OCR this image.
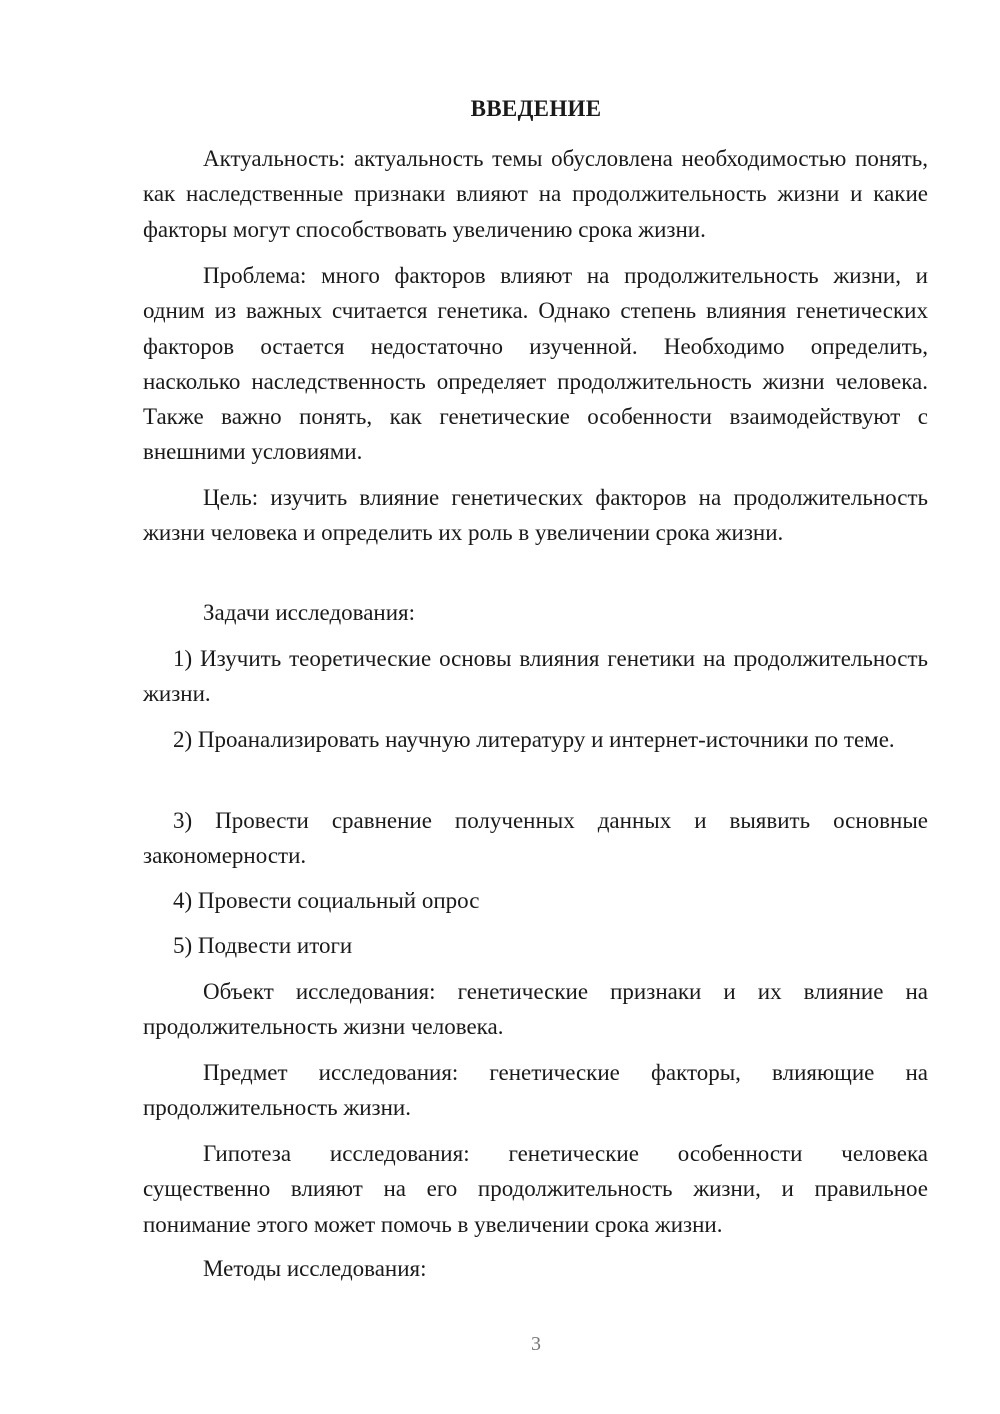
ВВЕДЕНИЕ

Актуальность: актуальность темы обусловлена необходимостью понять, как наследственные признаки влияют на продолжительность жизни и какие факторы могут способствовать увеличению срока жизни.

Проблема: много факторов влияют на продолжительность жизни, и одним из важных считается генетика. Однако степень влияния генетических факторов остается недостаточно изученной. Необходимо определить, насколько наследственность определяет продолжительность жизни человека. Также важно понять, как генетические особенности взаимодействуют с внешними условиями.

Цель: изучить влияние генетических факторов на продолжительность жизни человека и определить их роль в увеличении срока жизни.

Задачи исследования:

1) Изучить теоретические основы влияния генетики на продолжительность жизни.

2) Проанализировать научную литературу и интернет-источники по теме.

3) Провести сравнение полученных данных и выявить основные закономерности.

4) Провести социальный опрос

5) Подвести итоги

Объект исследования: генетические признаки и их влияние на продолжительность жизни человека.

Предмет исследования: генетические факторы, влияющие на продолжительность жизни.

Гипотеза исследования: генетические особенности человека существенно влияют на его продолжительность жизни, и правильное понимание этого может помочь в увеличении срока жизни.

Методы исследования:

3
